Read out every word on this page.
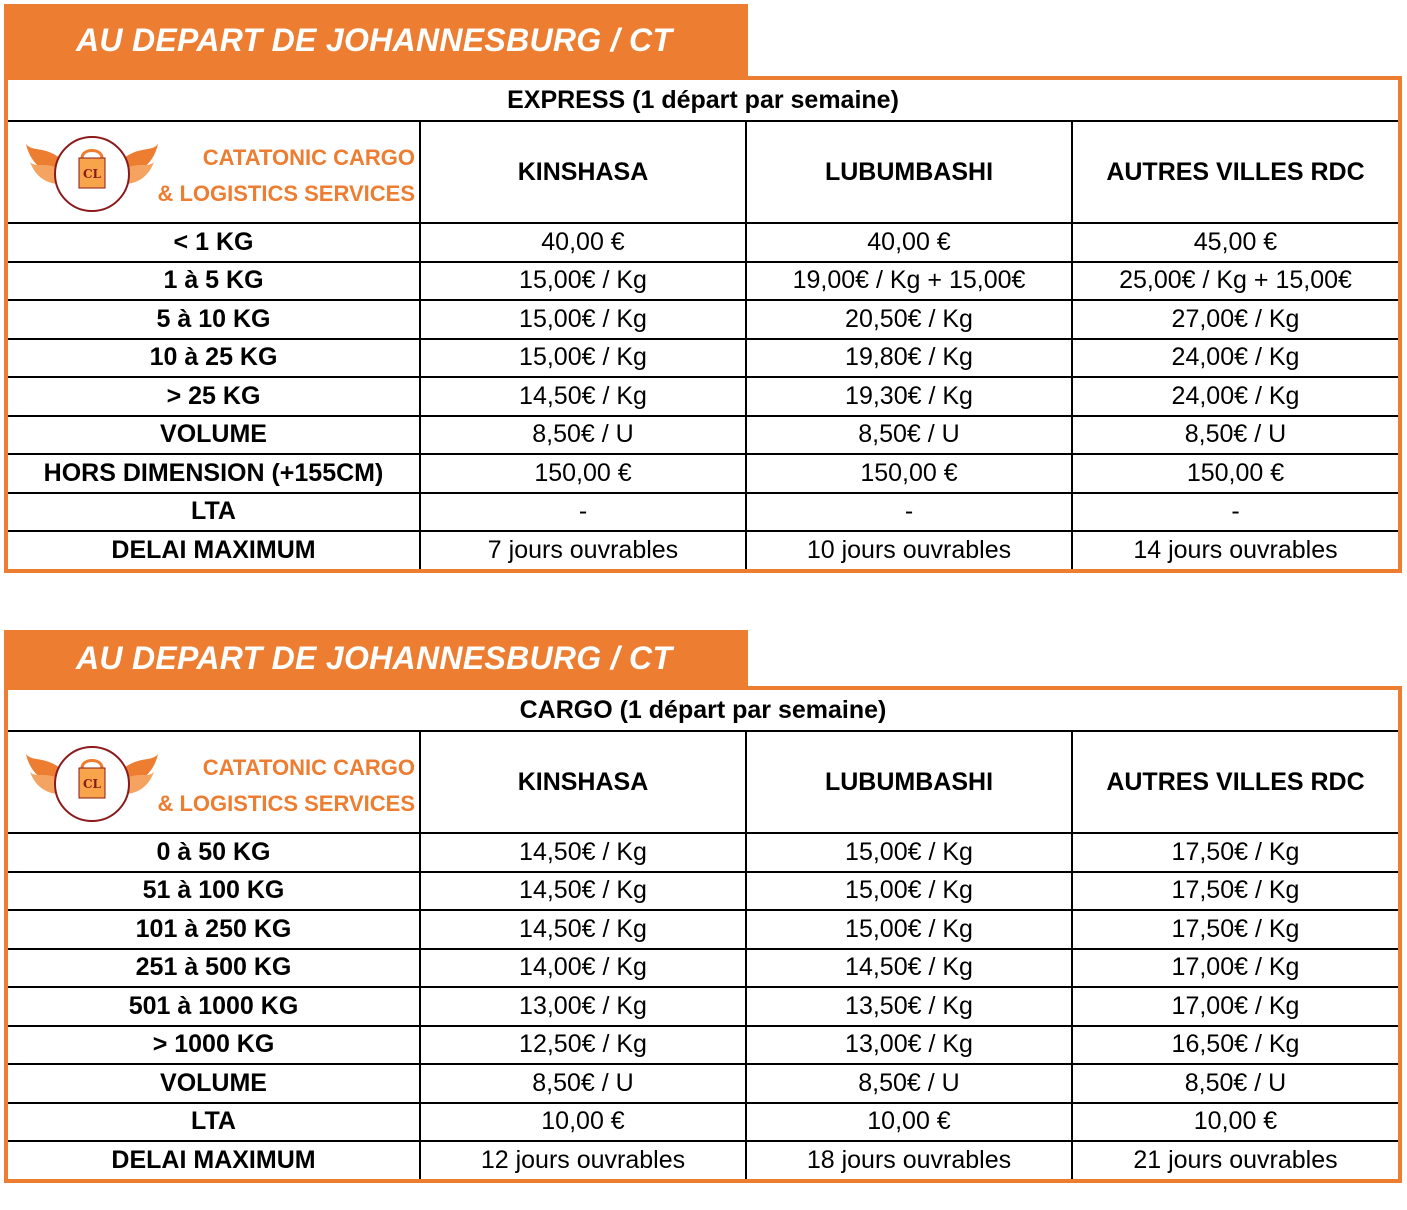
AU DEPART DE JOHANNESBURG / CT
EXPRESS (1 départ par semaine)			

CL
CATATONIC CARGO
& LOGISTICS SERVICES	KINSHASA	LUBUMBASHI	AUTRES VILLES RDC
< 1 KG	40,00 €	40,00 €	45,00 €
1 à 5 KG	15,00€ / Kg	19,00€ / Kg + 15,00€	25,00€ / Kg + 15,00€
5 à 10 KG	15,00€ / Kg	20,50€ / Kg	27,00€ / Kg
10 à 25 KG	15,00€ / Kg	19,80€ / Kg	24,00€ / Kg
> 25 KG	14,50€ / Kg	19,30€ / Kg	24,00€ / Kg
VOLUME	8,50€ / U	8,50€ / U	8,50€ / U
HORS DIMENSION (+155CM)	150,00 €	150,00 €	150,00 €
LTA	-	-	-
DELAI MAXIMUM	7 jours ouvrables	10 jours ouvrables	14 jours ouvrables
AU DEPART DE JOHANNESBURG / CT
CARGO (1 départ par semaine)			

CL
CATATONIC CARGO
& LOGISTICS SERVICES	KINSHASA	LUBUMBASHI	AUTRES VILLES RDC
0 à 50 KG	14,50€ / Kg	15,00€ / Kg	17,50€ / Kg
51 à 100 KG	14,50€ / Kg	15,00€ / Kg	17,50€ / Kg
101 à 250 KG	14,50€ / Kg	15,00€ / Kg	17,50€ / Kg
251 à 500 KG	14,00€ / Kg	14,50€ / Kg	17,00€ / Kg
501 à 1000 KG	13,00€ / Kg	13,50€ / Kg	17,00€ / Kg
> 1000 KG	12,50€ / Kg	13,00€ / Kg	16,50€ / Kg
VOLUME	8,50€ / U	8,50€ / U	8,50€ / U
LTA	10,00 €	10,00 €	10,00 €
DELAI MAXIMUM	12 jours ouvrables	18 jours ouvrables	21 jours ouvrables
